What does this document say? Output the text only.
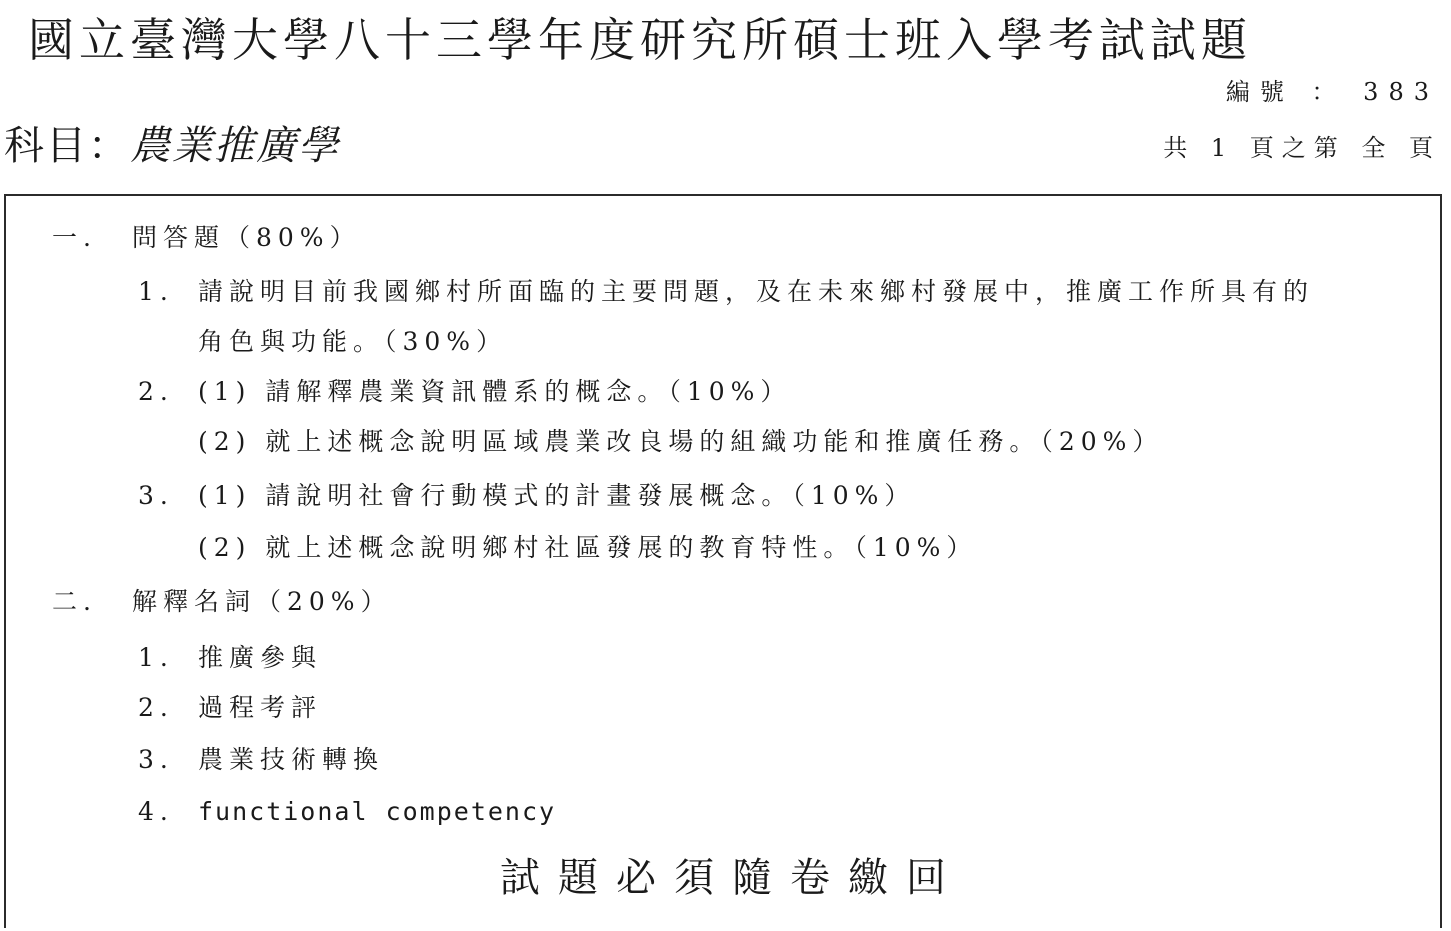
國立臺灣大學八十三學年度研究所碩士班入學考試試題
編號 ： 383
科目：農業推廣學	共 1 頁之第 全 頁
一. 問答題（80%）
1. 請說明目前我國鄉村所面臨的主要問題，及在未來鄉村發展中，推廣工作所具有的
角色與功能。（30%）
2. (1) 請解釋農業資訊體系的概念。（10%）
(2) 就上述概念說明區域農業改良場的組織功能和推廣任務。（20%）
3. (1) 請說明社會行動模式的計畫發展概念。（10%）
(2) 就上述概念說明鄉村社區發展的教育特性。（10%）
二. 解釋名詞（20%）
1. 推廣參與
2. 過程考評
3. 農業技術轉換
4. functional competency
試題必須隨卷繳回
